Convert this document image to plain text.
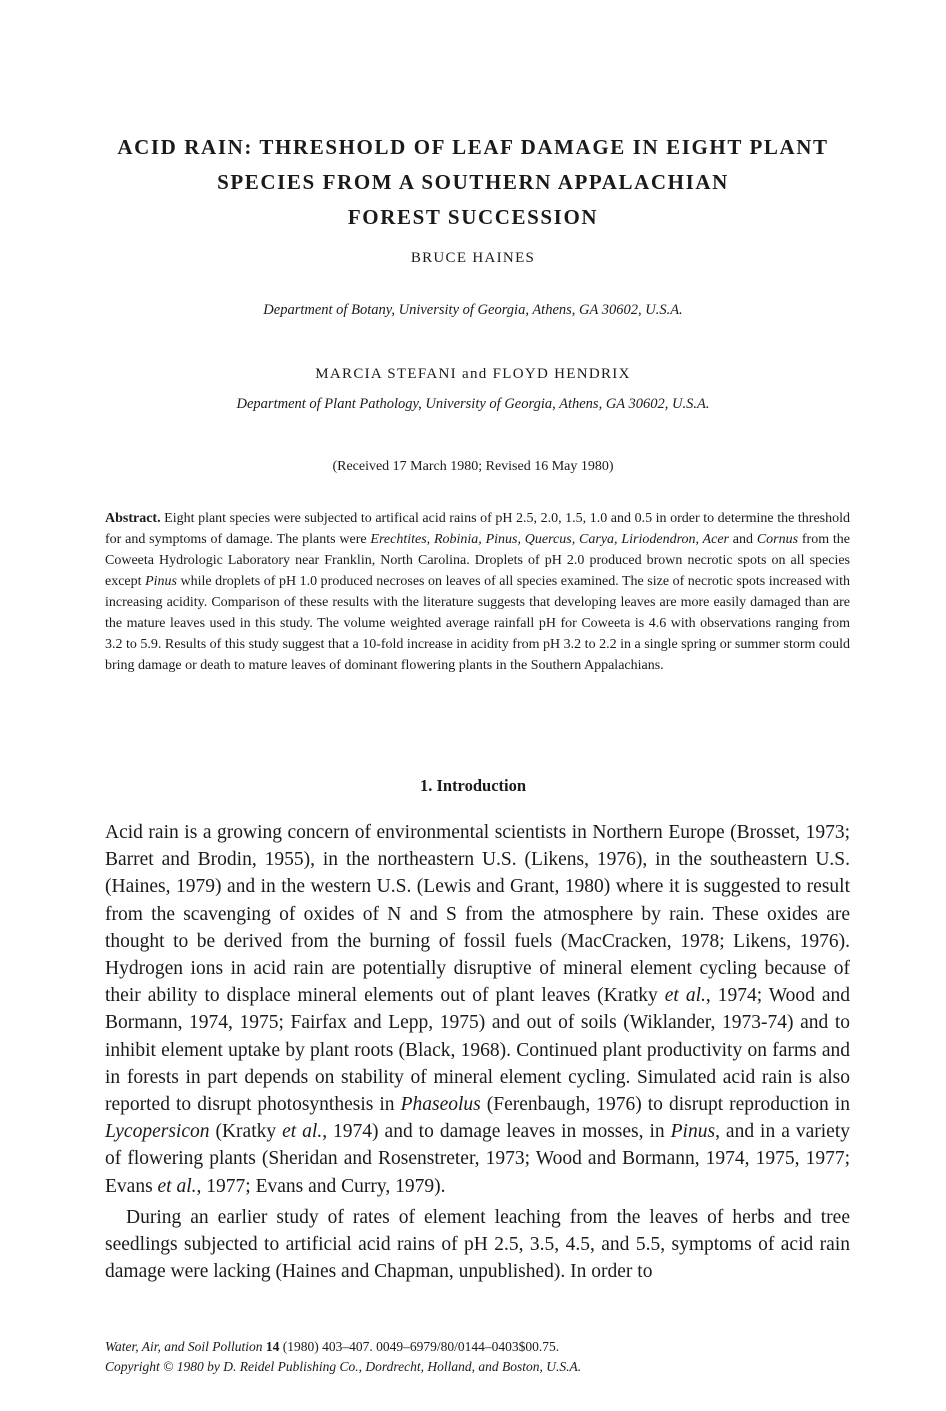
ACID RAIN: THRESHOLD OF LEAF DAMAGE IN EIGHT PLANT
SPECIES FROM A SOUTHERN APPALACHIAN
FOREST SUCCESSION

BRUCE HAINES

Department of Botany, University of Georgia, Athens, GA 30602, U.S.A.

MARCIA STEFANI and FLOYD HENDRIX

Department of Plant Pathology, University of Georgia, Athens, GA 30602, U.S.A.

(Received 17 March 1980; Revised 16 May 1980)

Abstract. Eight plant species were subjected to artifical acid rains of pH 2.5, 2.0, 1.5, 1.0 and 0.5 in order to determine the threshold for and symptoms of damage. The plants were Erechtites, Robinia, Pinus, Quercus, Carya, Liriodendron, Acer and Cornus from the Coweeta Hydrologic Laboratory near Franklin, North Carolina. Droplets of pH 2.0 produced brown necrotic spots on all species except Pinus while droplets of pH 1.0 produced necroses on leaves of all species examined. The size of necrotic spots increased with increasing acidity. Comparison of these results with the literature suggests that developing leaves are more easily damaged than are the mature leaves used in this study. The volume weighted average rainfall pH for Coweeta is 4.6 with observations ranging from 3.2 to 5.9. Results of this study suggest that a 10-fold increase in acidity from pH 3.2 to 2.2 in a single spring or summer storm could bring damage or death to mature leaves of dominant flowering plants in the Southern Appalachians.

1. Introduction

Acid rain is a growing concern of environmental scientists in Northern Europe (Brosset, 1973; Barret and Brodin, 1955), in the northeastern U.S. (Likens, 1976), in the southeastern U.S. (Haines, 1979) and in the western U.S. (Lewis and Grant, 1980) where it is suggested to result from the scavenging of oxides of N and S from the atmosphere by rain. These oxides are thought to be derived from the burning of fossil fuels (MacCracken, 1978; Likens, 1976). Hydrogen ions in acid rain are potentially disruptive of mineral element cycling because of their ability to displace mineral elements out of plant leaves (Kratky et al., 1974; Wood and Bormann, 1974, 1975; Fairfax and Lepp, 1975) and out of soils (Wiklander, 1973-74) and to inhibit element uptake by plant roots (Black, 1968). Continued plant productivity on farms and in forests in part depends on stability of mineral element cycling. Simulated acid rain is also reported to disrupt photosynthesis in Phaseolus (Ferenbaugh, 1976) to disrupt reproduction in Lycopersicon (Kratky et al., 1974) and to damage leaves in mosses, in Pinus, and in a variety of flowering plants (Sheridan and Rosenstreter, 1973; Wood and Bormann, 1974, 1975, 1977; Evans et al., 1977; Evans and Curry, 1979).

During an earlier study of rates of element leaching from the leaves of herbs and tree seedlings subjected to artificial acid rains of pH 2.5, 3.5, 4.5, and 5.5, symptoms of acid rain damage were lacking (Haines and Chapman, unpublished). In order to

Water, Air, and Soil Pollution 14 (1980) 403–407. 0049–6979/80/0144–0403$00.75.
Copyright © 1980 by D. Reidel Publishing Co., Dordrecht, Holland, and Boston, U.S.A.
